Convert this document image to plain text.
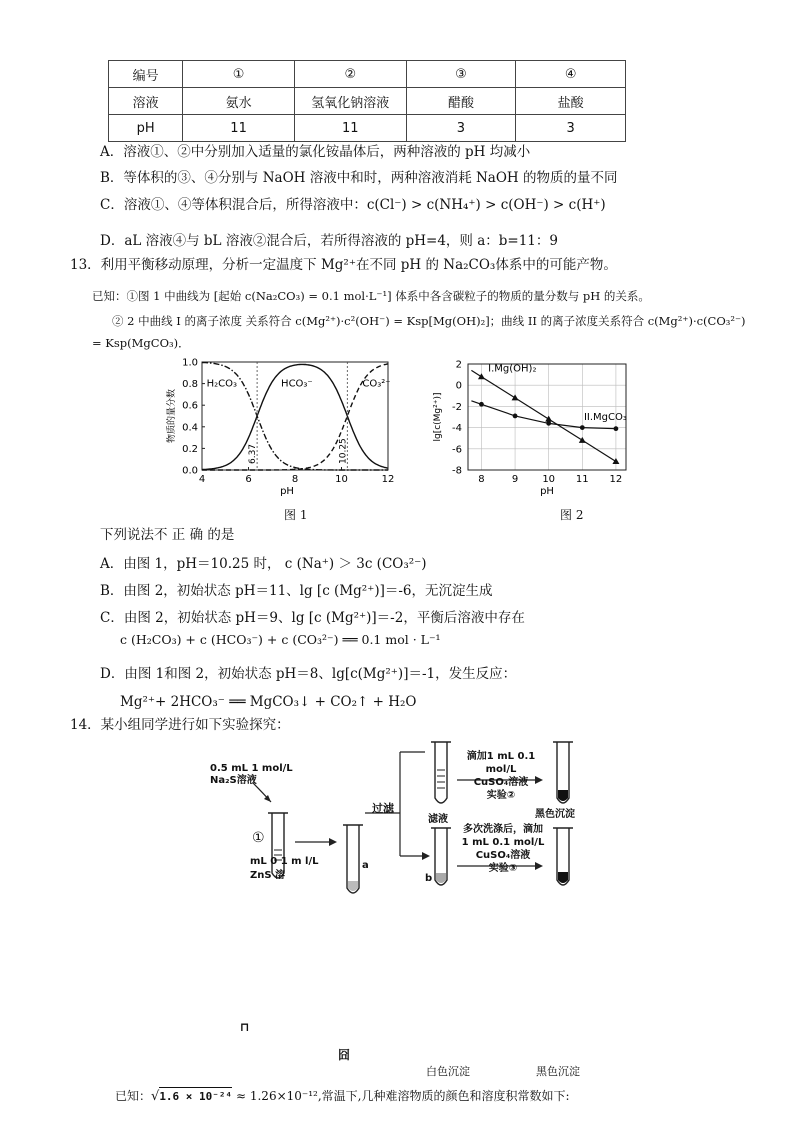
编号	①	②	③	④
溶液	氨水	氢氧化钠溶液	醋酸	盐酸
pH	11	11	3	3
A．溶液①、②中分别加入适量的氯化铵晶体后，两种溶液的 pH 均减小
B．等体积的③、④分别与 NaOH 溶液中和时，两种溶液消耗 NaOH 的物质的量不同
C．溶液①、④等体积混合后，所得溶液中：c(Cl⁻) > c(NH₄⁺) > c(OH⁻) > c(H⁺)
D．aL 溶液④与 bL 溶液②混合后，若所得溶液的 pH=4，则 a：b=11：9
13．利用平衡移动原理，分析一定温度下 Mg²⁺在不同 pH 的 Na₂CO₃体系中的可能产物。
已知：①图 1 中曲线为 [起始 c(Na₂CO₃) = 0.1 mol·L⁻¹] 体系中各含碳粒子的物质的量分数与 pH 的关系。
② 2 中曲线 I 的离子浓度 关系符合 c(Mg²⁺)·c²(OH⁻) = Ksp[Mg(OH)₂]；曲线 II 的离子浓度关系符合 c(Mg²⁺)·c(CO₃²⁻)
= Ksp(MgCO₃)．
0.0
0.2
0.4
0.6
0.8
1.0
4	6	8	10	12
pH
物质的量分数
6.37	10.25
H₂CO₃	HCO₃⁻	CO₃²⁻
图 1
8	9 10 11 12
2
0
-2
-4
-6
-8
pH
lg[c(Mg²⁺)]
I.Mg(OH)₂
II.MgCO₃
图 2
下列说法不 正 确 的是
A．由图 1，pH＝10.25 时， c (Na⁺) ＞ 3c (CO₃²⁻)
B．由图 2，初始状态 pH＝11、lg [c (Mg²⁺)]＝-6，无沉淀生成
C．由图 2，初始状态 pH＝9、lg [c (Mg²⁺)]＝-2，平衡后溶液中存在
c (H₂CO₃) + c (HCO₃⁻) + c (CO₃²⁻) ══ 0.1 mol · L⁻¹
D．由图 1和图 2，初始状态 pH＝8、lg[c(Mg²⁺)]＝-1，发生反应：
Mg²⁺+ 2HCO₃⁻ ══ MgCO₃↓ + CO₂↑ + H₂O
14．某小组同学进行如下实验探究：
0.5 mL 1 mol/L
Na₂S溶液
①
mL 0 1 m l/L
ZnS 溶
a
过滤
滤液
滴加1 mL 0.1 mol/L
CuSO₄溶液
实验②
黑色沉淀
多次洗涤后，滴加
1 mL 0.1 mol/L
CuSO₄溶液
实验③
b
⊓
囧
白色沉淀	黑色沉淀
已知：√1.6 × 10⁻²⁴ ≈ 1.26×10⁻¹²,常温下,几种难溶物质的颜色和溶度积常数如下:
